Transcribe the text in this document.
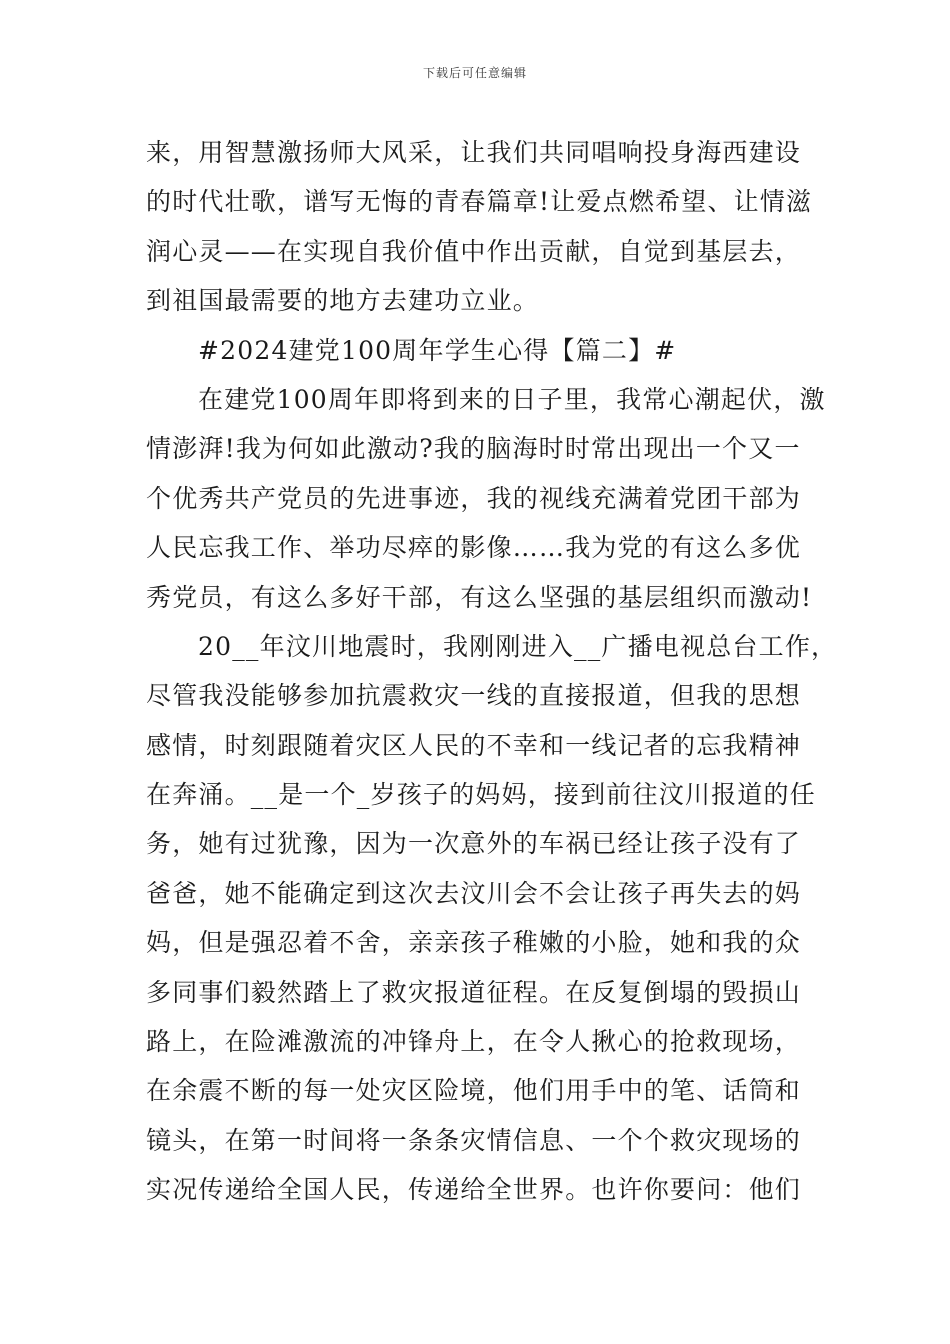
下载后可任意编辑
来，用智慧激扬师大风采，让我们共同唱响投身海西建设
的时代壮歌，谱写无悔的青春篇章!让爱点燃希望、让情滋
润心灵——在实现自我价值中作出贡献，自觉到基层去，
到祖国最需要的地方去建功立业。
#2024建党100周年学生心得【篇二】#
在建党100周年即将到来的日子里，我常心潮起伏，激
情澎湃!我为何如此激动?我的脑海时时常出现出一个又一
个优秀共产党员的先进事迹，我的视线充满着党团干部为
人民忘我工作、举功尽瘁的影像……我为党的有这么多优
秀党员，有这么多好干部，有这么坚强的基层组织而激动!
20__年汶川地震时，我刚刚进入__广播电视总台工作，
尽管我没能够参加抗震救灾一线的直接报道，但我的思想
感情，时刻跟随着灾区人民的不幸和一线记者的忘我精神
在奔涌。__是一个_岁孩子的妈妈，接到前往汶川报道的任
务，她有过犹豫，因为一次意外的车祸已经让孩子没有了
爸爸，她不能确定到这次去汶川会不会让孩子再失去的妈
妈，但是强忍着不舍，亲亲孩子稚嫩的小脸，她和我的众
多同事们毅然踏上了救灾报道征程。在反复倒塌的毁损山
路上，在险滩激流的冲锋舟上，在令人揪心的抢救现场，
在余震不断的每一处灾区险境，他们用手中的笔、话筒和
镜头，在第一时间将一条条灾情信息、一个个救灾现场的
实况传递给全国人民，传递给全世界。也许你要问：他们
